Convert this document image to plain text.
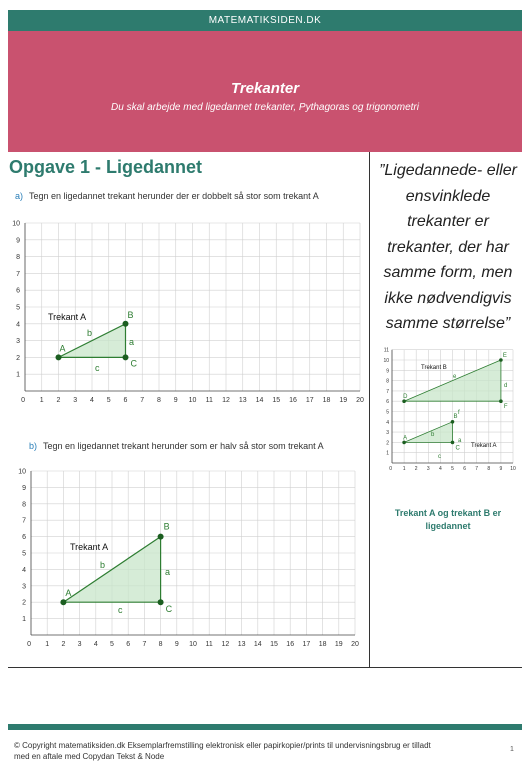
MATEMATIKSIDEN.DK
Trekanter
Du skal arbejde med ligedannet trekanter, Pythagoras og trigonometri
Opgave 1 - Ligedannet
a) Tegn en ligedannet trekant herunder der er dobbelt så stor som trekant A
b) Tegn en ligedannet trekant herunder som er halv så stor som trekant A
0 1 2 3 4 5 6 7 8 9 10 11 12 13 14 15 16 17 18 19 20
1
2
3
4
5
6
7
8
9
10
A
B
C
a
b
c
Trekant A
0 1 2 3 4 5 6 7 8 9 10 11 12 13 14 15 16 17 18 19 20
1
2
3
4
5
6
7
8
9
10
A
B
C
a
b
c
Trekant A
0 1 2 3 4 5 6 7 8 9 10
1
2
3
4
5
6
7
8
9
10
11
D
E
F
d
e
f
Trekant B
A
B
C
a
b
c
Trekant A
”Ligedannede- eller ensvinklede trekanter er trekanter, der har samme form, men ikke nødvendigvis samme størrelse”
Trekant A og trekant B er ligedannet
© Copyright matematiksiden.dk Eksemplarfremstilling elektronisk eller papirkopier/prints til undervisningsbrug er tilladt med en aftale med Copydan Tekst & Node
1
